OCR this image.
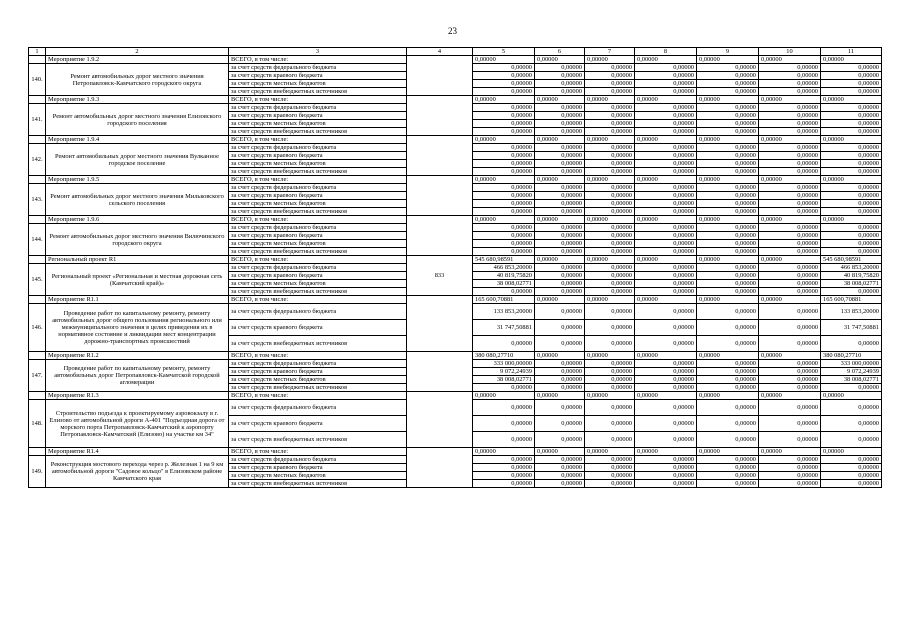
23
1	2	3	4	5	6	7	8	9	10	11
	Мероприятие 1.9.2	ВСЕГО, в том числе:		0,00000	0,00000	0,00000	0,00000	0,00000	0,00000	0,00000
140.	Ремонт автомобильных дорог местного значения Петропавловск-Камчатского городского округа	за счет средств федерального бюджета		0,00000	0,00000	0,00000	0,00000	0,00000	0,00000	0,00000
		за счет средств краевого бюджета		0,00000	0,00000	0,00000	0,00000	0,00000	0,00000	0,00000
		за счет средств местных бюджетов		0,00000	0,00000	0,00000	0,00000	0,00000	0,00000	0,00000
		за счет средств внебюджетных источников		0,00000	0,00000	0,00000	0,00000	0,00000	0,00000	0,00000
	Мероприятие 1.9.3	ВСЕГО, в том числе:		0,00000	0,00000	0,00000	0,00000	0,00000	0,00000	0,00000
141.	Ремонт автомобильных дорог местного значения Елизовского городского поселения	за счет средств федерального бюджета		0,00000	0,00000	0,00000	0,00000	0,00000	0,00000	0,00000
		за счет средств краевого бюджета		0,00000	0,00000	0,00000	0,00000	0,00000	0,00000	0,00000
		за счет средств местных бюджетов		0,00000	0,00000	0,00000	0,00000	0,00000	0,00000	0,00000
		за счет средств внебюджетных источников		0,00000	0,00000	0,00000	0,00000	0,00000	0,00000	0,00000
	Мероприятие 1.9.4	ВСЕГО, в том числе:		0,00000	0,00000	0,00000	0,00000	0,00000	0,00000	0,00000
142.	Ремонт автомобильных дорог местного значения Вулканное городское поселение	за счет средств федерального бюджета		0,00000	0,00000	0,00000	0,00000	0,00000	0,00000	0,00000
		за счет средств краевого бюджета		0,00000	0,00000	0,00000	0,00000	0,00000	0,00000	0,00000
		за счет средств местных бюджетов		0,00000	0,00000	0,00000	0,00000	0,00000	0,00000	0,00000
		за счет средств внебюджетных источников		0,00000	0,00000	0,00000	0,00000	0,00000	0,00000	0,00000
	Мероприятие 1.9.5	ВСЕГО, в том числе:		0,00000	0,00000	0,00000	0,00000	0,00000	0,00000	0,00000
143.	Ремонт автомобильных дорог местного значения Мильковского сельского поселения	за счет средств федерального бюджета		0,00000	0,00000	0,00000	0,00000	0,00000	0,00000	0,00000
		за счет средств краевого бюджета		0,00000	0,00000	0,00000	0,00000	0,00000	0,00000	0,00000
		за счет средств местных бюджетов		0,00000	0,00000	0,00000	0,00000	0,00000	0,00000	0,00000
		за счет средств внебюджетных источников		0,00000	0,00000	0,00000	0,00000	0,00000	0,00000	0,00000
	Мероприятие 1.9.6	ВСЕГО, в том числе:		0,00000	0,00000	0,00000	0,00000	0,00000	0,00000	0,00000
144.	Ремонт автомобильных дорог местного значения Вилючинского городского округа	за счет средств федерального бюджета		0,00000	0,00000	0,00000	0,00000	0,00000	0,00000	0,00000
		за счет средств краевого бюджета		0,00000	0,00000	0,00000	0,00000	0,00000	0,00000	0,00000
		за счет средств местных бюджетов		0,00000	0,00000	0,00000	0,00000	0,00000	0,00000	0,00000
		за счет средств внебюджетных источников		0,00000	0,00000	0,00000	0,00000	0,00000	0,00000	0,00000
	Региональный проект R1	ВСЕГО, в том числе:	833	545 680,98591	0,00000	0,00000	0,00000	0,00000	0,00000	545 680,98591
145.	Региональный проект «Региональная и местная дорожная сеть (Камчатский край)»	за счет средств федерального бюджета		466 853,20000	0,00000	0,00000	0,00000	0,00000	0,00000	466 853,20000
		за счет средств краевого бюджета		40 819,75820	0,00000	0,00000	0,00000	0,00000	0,00000	40 819,75820
		за счет средств местных бюджетов		38 008,02771	0,00000	0,00000	0,00000	0,00000	0,00000	38 008,02771
		за счет средств внебюджетных источников		0,00000	0,00000	0,00000	0,00000	0,00000	0,00000	0,00000
	Мероприятие R1.1	ВСЕГО, в том числе:		165 600,70881	0,00000	0,00000	0,00000	0,00000	0,00000	165 600,70881
146.	Проведение работ по капитальному ремонту, ремонту автомобильных дорог общего пользования регионального или межмуниципального значения в целях приведения их в нормативное состояние и ликвидации мест концентрации дорожно-транспортных происшествий	за счет средств федерального бюджета		133 853,20000	0,00000	0,00000	0,00000	0,00000	0,00000	133 853,20000
		за счет средств краевого бюджета		31 747,50881	0,00000	0,00000	0,00000	0,00000	0,00000	31 747,50881
		за счет средств внебюджетных источников		0,00000	0,00000	0,00000	0,00000	0,00000	0,00000	0,00000
	Мероприятие R1.2	ВСЕГО, в том числе:		380 080,27710	0,00000	0,00000	0,00000	0,00000	0,00000	380 080,27710
147.	Проведение работ по капитальному ремонту, ремонту автомобильных дорог Петропавловск-Камчатской городской агломерации	за счет средств федерального бюджета		333 000,00000	0,00000	0,00000	0,00000	0,00000	0,00000	333 000,00000
		за счет средств краевого бюджета		9 072,24939	0,00000	0,00000	0,00000	0,00000	0,00000	9 072,24939
		за счет средств местных бюджетов		38 008,02771	0,00000	0,00000	0,00000	0,00000	0,00000	38 008,02771
		за счет средств внебюджетных источников		0,00000	0,00000	0,00000	0,00000	0,00000	0,00000	0,00000
	Мероприятие R1.3	ВСЕГО, в том числе:		0,00000	0,00000	0,00000	0,00000	0,00000	0,00000	0,00000
148.	Строительство подъезда к проектируемому аэровокзалу в г. Елизово от автомобильной дороги А-401 "Подъездная дорога от морского порта Петропавловск-Камчатский к аэропорту Петропавловск-Камчатский (Елизово) на участке км 34"	за счет средств федерального бюджета		0,00000	0,00000	0,00000	0,00000	0,00000	0,00000	0,00000
		за счет средств краевого бюджета		0,00000	0,00000	0,00000	0,00000	0,00000	0,00000	0,00000
		за счет средств внебюджетных источников		0,00000	0,00000	0,00000	0,00000	0,00000	0,00000	0,00000
	Мероприятие R1.4	ВСЕГО, в том числе:		0,00000	0,00000	0,00000	0,00000	0,00000	0,00000	0,00000
149.	Реконструкция мостового перехода через р. Железная 1 на 9 км автомобильной дороги "Садовое кольцо" в Елизовском районе Камчатского края	за счет средств федерального бюджета		0,00000	0,00000	0,00000	0,00000	0,00000	0,00000	0,00000
		за счет средств краевого бюджета		0,00000	0,00000	0,00000	0,00000	0,00000	0,00000	0,00000
		за счет средств местных бюджетов		0,00000	0,00000	0,00000	0,00000	0,00000	0,00000	0,00000
		за счет средств внебюджетных источников		0,00000	0,00000	0,00000	0,00000	0,00000	0,00000	0,00000
